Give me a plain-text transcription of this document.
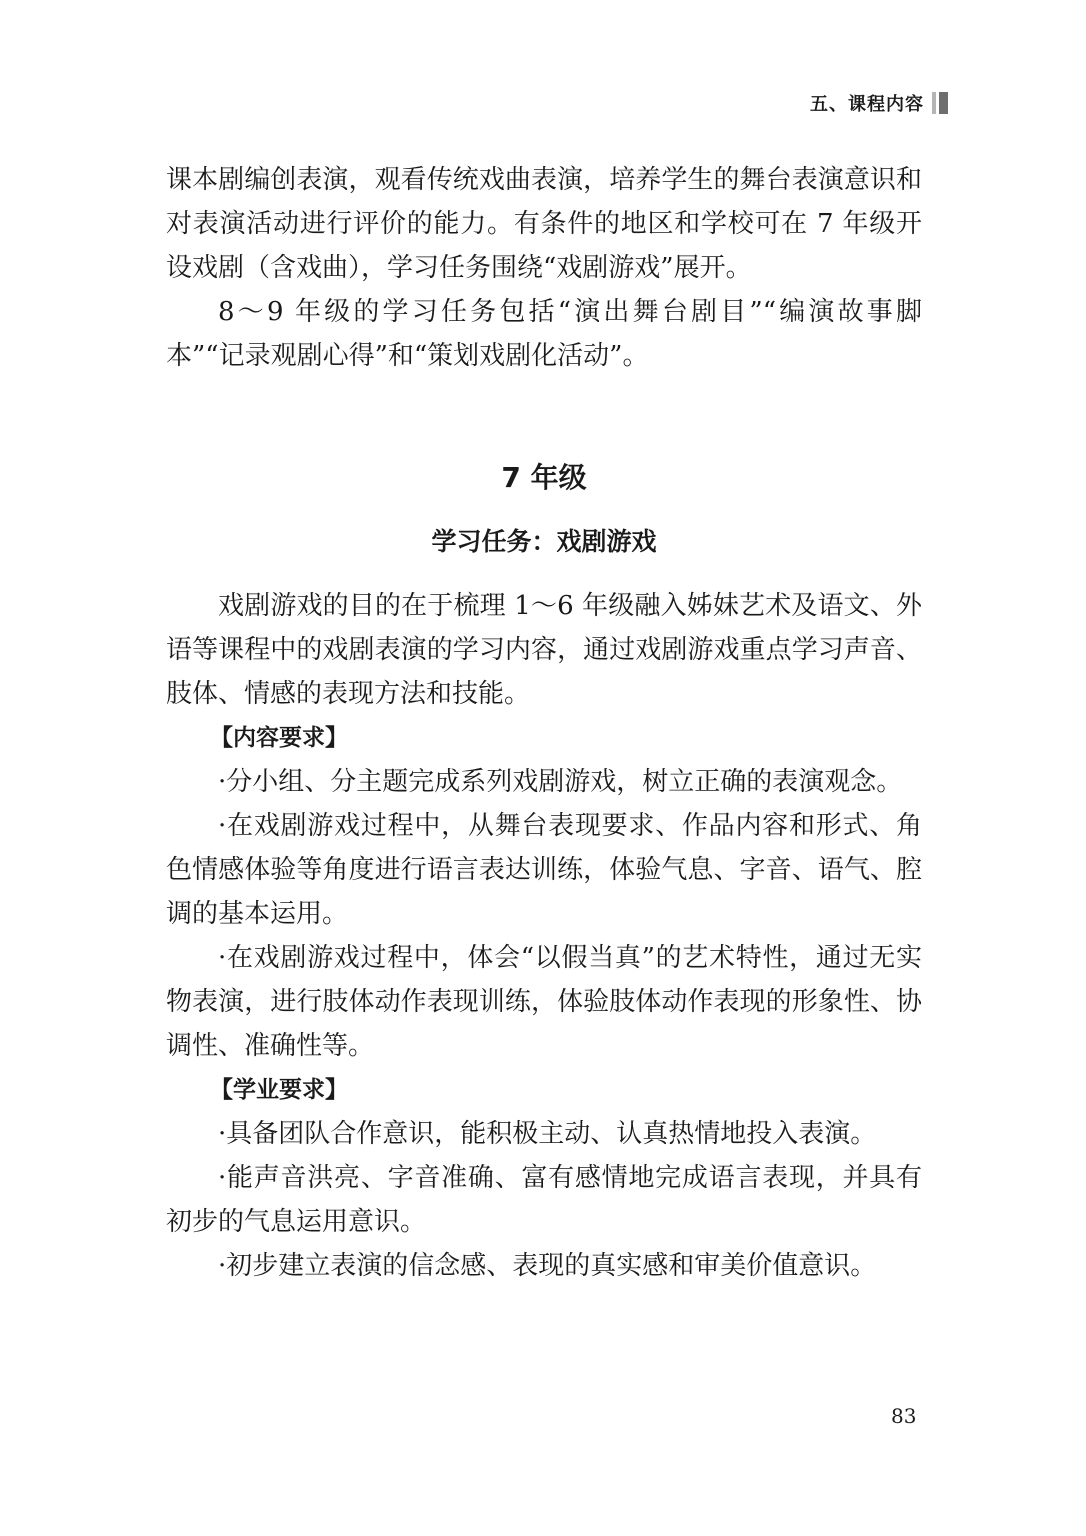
五、课程内容

课本剧编创表演，观看传统戏曲表演，培养学生的舞台表演意识和对表演活动进行评价的能力。有条件的地区和学校可在 7 年级开设戏剧（含戏曲），学习任务围绕“戏剧游戏”展开。

8～9 年级的学习任务包括“演出舞台剧目”“编演故事脚本”“记录观剧心得”和“策划戏剧化活动”。

7 年级
学习任务：戏剧游戏

戏剧游戏的目的在于梳理 1～6 年级融入姊妹艺术及语文、外语等课程中的戏剧表演的学习内容，通过戏剧游戏重点学习声音、肢体、情感的表现方法和技能。

【内容要求】

·分小组、分主题完成系列戏剧游戏，树立正确的表演观念。

·在戏剧游戏过程中，从舞台表现要求、作品内容和形式、角色情感体验等角度进行语言表达训练，体验气息、字音、语气、腔调的基本运用。

·在戏剧游戏过程中，体会“以假当真”的艺术特性，通过无实物表演，进行肢体动作表现训练，体验肢体动作表现的形象性、协调性、准确性等。

【学业要求】

·具备团队合作意识，能积极主动、认真热情地投入表演。

·能声音洪亮、字音准确、富有感情地完成语言表现，并具有初步的气息运用意识。

·初步建立表演的信念感、表现的真实感和审美价值意识。

83
